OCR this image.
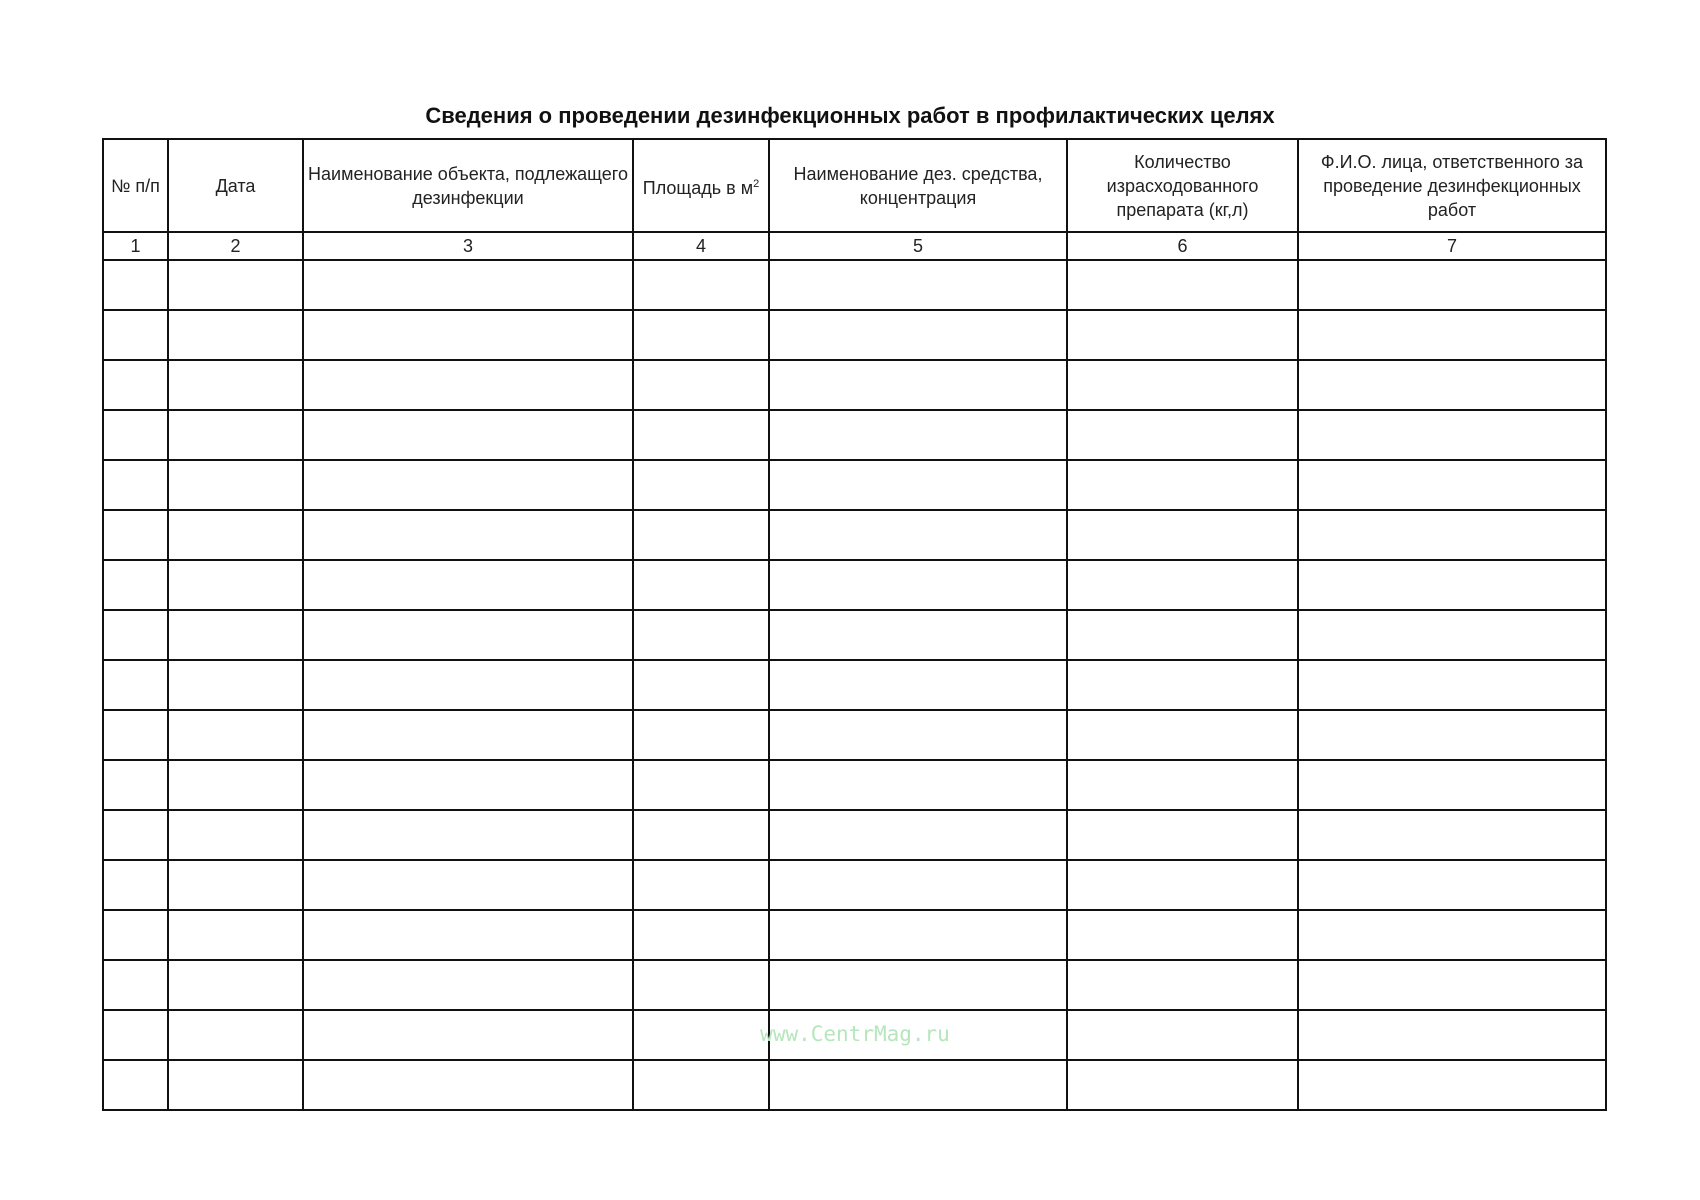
Сведения о проведении дезинфекционных работ в профилактических целях
№ п/п	Дата	Наименование объекта, подлежащего дезинфекции	Площадь в $м^2$	Наименование дез. средства, концентрация	Количество израсходованного препарата (кг,л)	Ф.И.О. лица, ответственного за проведение дезинфекционных работ
1	2	3	4	5	6	7

www.CentrMag.ru
